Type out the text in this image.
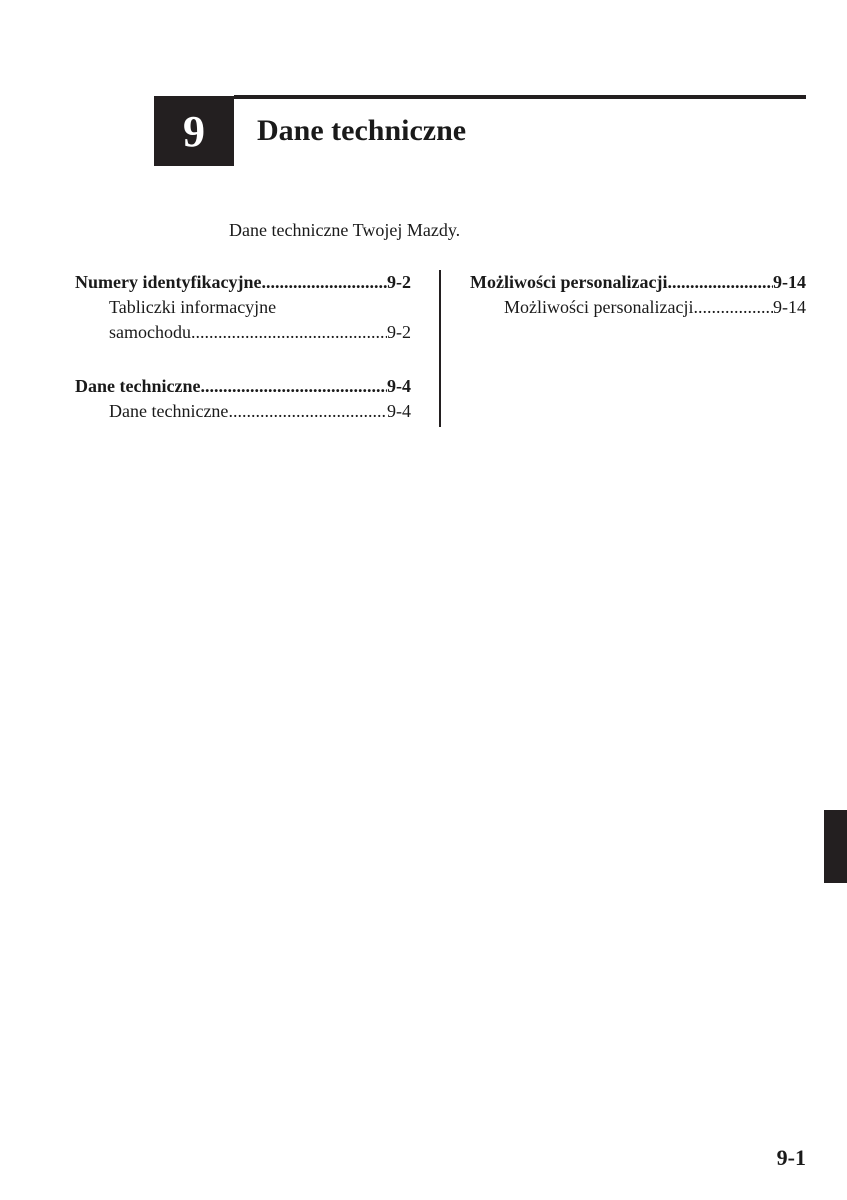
9 Dane techniczne
Dane techniczne Twojej Mazdy.
Numery identyfikacyjne .....	9-2
Tabliczki informacyjne
samochodu .....	9-2
Dane techniczne .....	9-4
Dane techniczne .....	9-4
Możliwości personalizacji .....	9-14
Możliwości personalizacji .....	9-14
9-1
